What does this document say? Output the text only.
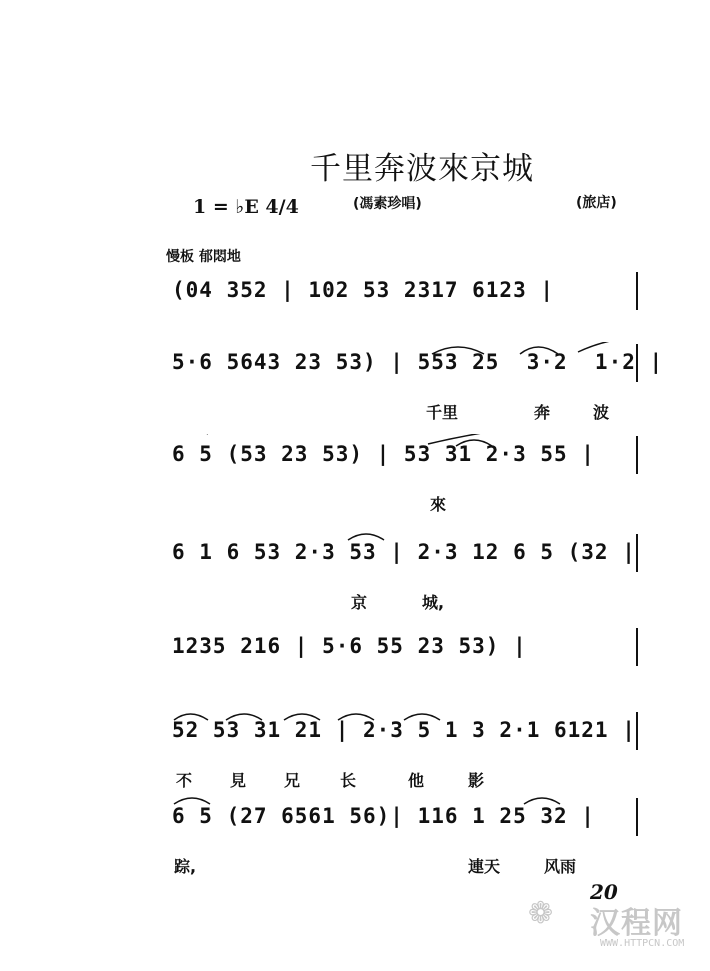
千里奔波來京城
1 = ♭E 4/4	(馮素珍唱)	(旅店)
慢板 郁悶地
(04 352 | 102 53 2317 6123 |
5·6 5643 23 53) | 553 25  3·2  1·2 |
千里	奔	波
6 5 (53 23 53) | 53 31 2·3 55 |
來
6 1 6 53 2·3 53 | 2·3 12 6 5 (32 |
京	城,
1235 216 | 5·6 55 23 53) |
52 53 31 21 | 2·3 5 1 3 2·1 6121 |
不 見 兄 长	他	影
6 5 (27 6561 56)| 116 1 25 32 |
踪,	連天	风雨
20
❁ 汉程网
WWW.HTTPCN.COM
